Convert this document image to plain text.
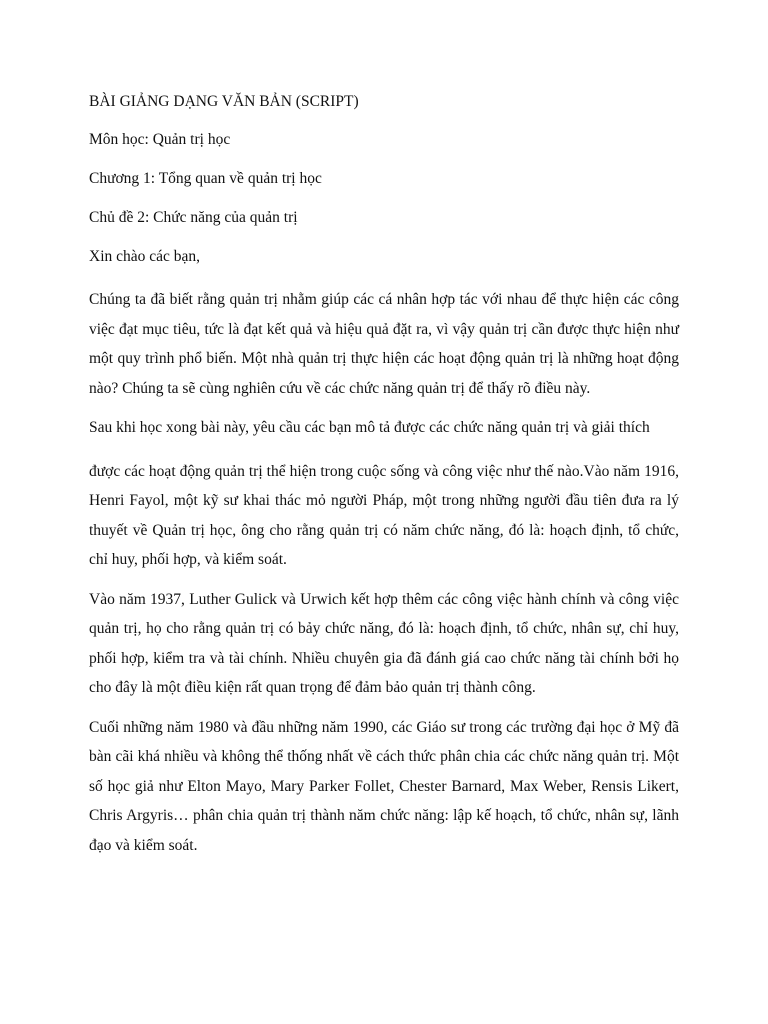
BÀI GIẢNG DẠNG VĂN BẢN (SCRIPT)

Môn học: Quản trị học

Chương 1: Tổng quan về quản trị học

Chủ đề 2: Chức năng của quản trị

Xin chào các bạn,

Chúng ta đã biết rằng quản trị nhằm giúp các cá nhân hợp tác với nhau để thực hiện các công việc đạt mục tiêu, tức là đạt kết quả và hiệu quả đặt ra, vì vậy quản trị cần được thực hiện như một quy trình phổ biến. Một nhà quản trị thực hiện các hoạt động quản trị là những hoạt động nào? Chúng ta sẽ cùng nghiên cứu về các chức năng quản trị để thấy rõ điều này.

Sau khi học xong bài này, yêu cầu các bạn mô tả được các chức năng quản trị và giải thích

được các hoạt động quản trị thể hiện trong cuộc sống và công việc như thế nào.Vào năm 1916, Henri Fayol, một kỹ sư khai thác mỏ người Pháp, một trong những người đầu tiên đưa ra lý thuyết về Quản trị học, ông cho rằng quản trị có năm chức năng, đó là: hoạch định, tổ chức, chỉ huy, phối hợp, và kiểm soát.

Vào năm 1937, Luther Gulick và Urwich kết hợp thêm các công việc hành chính và công việc quản trị, họ cho rằng quản trị có bảy chức năng, đó là: hoạch định, tổ chức, nhân sự, chỉ huy, phối hợp, kiểm tra và tài chính. Nhiều chuyên gia đã đánh giá cao chức năng tài chính bởi họ cho đây là một điều kiện rất quan trọng để đảm bảo quản trị thành công.

Cuối những năm 1980 và đầu những năm 1990, các Giáo sư trong các trường đại học ở Mỹ đã bàn cãi khá nhiều và không thể thống nhất về cách thức phân chia các chức năng quản trị. Một số học giả như Elton Mayo, Mary Parker Follet, Chester Barnard, Max Weber, Rensis Likert, Chris Argyris… phân chia quản trị thành năm chức năng: lập kế hoạch, tổ chức, nhân sự, lãnh đạo và kiểm soát.
